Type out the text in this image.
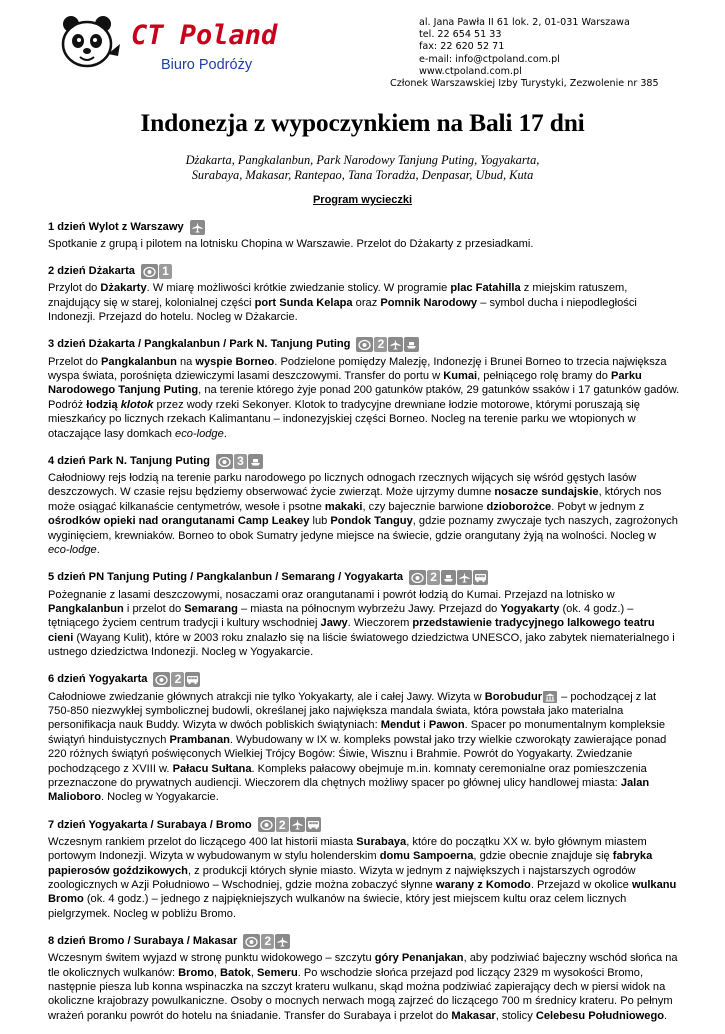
CT Poland
Biuro Podróży
al. Jana Pawła II 61 lok. 2, 01-031 Warszawa
tel. 22 654 51 33
fax: 22 620 52 71
e-mail: info@ctpoland.com.pl
www.ctpoland.com.pl
Członek Warszawskiej Izby Turystyki, Zezwolenie nr 385
Indonezja z wypoczynkiem na Bali 17 dni
Dżakarta, Pangkalanbun, Park Narodowy Tanjung Puting, Yogyakarta,
Surabaya, Makasar, Rantepao, Tana Toradża, Denpasar, Ubud, Kuta
Program wycieczki
1 dzień Wylot z Warszawy

Spotkanie z grupą i pilotem na lotnisku Chopina w Warszawie. Przelot do Dżakarty z przesiadkami.

2 dzień Dżakarta 1

Przylot do Dżakarty. W miarę możliwości krótkie zwiedzanie stolicy. W programie plac Fatahilla z miejskim ratuszem, znajdujący się w starej, kolonialnej części port Sunda Kelapa oraz Pomnik Narodowy – symbol ducha i niepodległości Indonezji. Przejazd do hotelu. Nocleg w Dżakarcie.

3 dzień Dżakarta / Pangkalanbun / Park N. Tanjung Puting 2

Przelot do Pangkalanbun na wyspie Borneo. Podzielone pomiędzy Malezję, Indonezję i Brunei Borneo to trzecia największa wyspa świata, porośnięta dziewiczymi lasami deszczowymi. Transfer do portu w Kumai, pełniącego rolę bramy do Parku Narodowego Tanjung Puting, na terenie którego żyje ponad 200 gatunków ptaków, 29 gatunków ssaków i 17 gatunków gadów. Podróż łodzią klotok przez wody rzeki Sekonyer. Klotok to tradycyjne drewniane łodzie motorowe, którymi poruszają się mieszkańcy po licznych rzekach Kalimantanu – indonezyjskiej części Borneo. Nocleg na terenie parku we wtopionych w otaczające lasy domkach eco-lodge.

4 dzień Park N. Tanjung Puting 3

Całodniowy rejs łodzią na terenie parku narodowego po licznych odnogach rzecznych wijących się wśród gęstych lasów deszczowych. W czasie rejsu będziemy obserwować życie zwierząt. Może ujrzymy dumne nosacze sundajskie, których nos może osiągać kilkanaście centymetrów, wesołe i psotne makaki, czy bajecznie barwione dzioborożce. Pobyt w jednym z ośrodków opieki nad orangutanami Camp Leakey lub Pondok Tanguy, gdzie poznamy zwyczaje tych naszych, zagrożonych wyginięciem, krewniaków. Borneo to obok Sumatry jedyne miejsce na świecie, gdzie orangutany żyją na wolności. Nocleg w eco-lodge.

5 dzień PN Tanjung Puting / Pangkalanbun / Semarang / Yogyakarta 2

Pożegnanie z lasami deszczowymi, nosaczami oraz orangutanami i powrót łodzią do Kumai. Przejazd na lotnisko w Pangkalanbun i przelot do Semarang – miasta na północnym wybrzeżu Jawy. Przejazd do Yogyakarty (ok. 4 godz.) – tętniącego życiem centrum tradycji i kultury wschodniej Jawy. Wieczorem przedstawienie tradycyjnego lalkowego teatru cieni (Wayang Kulit), które w 2003 roku znalazło się na liście światowego dziedzictwa UNESCO, jako zabytek niematerialnego i ustnego dziedzictwa Indonezji. Nocleg w Yogyakarcie.

6 dzień Yogyakarta 2

Całodniowe zwiedzanie głównych atrakcji nie tylko Yokyakarty, ale i całej Jawy. Wizyta w Borobudur
– pochodzącej z lat 750-850 niezwykłej symbolicznej budowli, określanej jako największa mandala świata, która powstała jako materialna personifikacja nauk Buddy. Wizyta w dwóch pobliskich świątyniach: Mendut i Pawon. Spacer po monumentalnym kompleksie świątyń hinduistycznych Prambanan. Wybudowany w IX w. kompleks powstał jako trzy wielkie czworokąty zawierające ponad 220 różnych świątyń poświęconych Wielkiej Trójcy Bogów: Śiwie, Wisznu i Brahmie. Powrót do Yogyakarty. Zwiedzanie pochodzącego z XVIII w. Pałacu Sułtana. Kompleks pałacowy obejmuje m.in. komnaty ceremonialne oraz pomieszczenia przeznaczone do prywatnych audiencji. Wieczorem dla chętnych możliwy spacer po głównej ulicy handlowej miasta: Jalan Malioboro. Nocleg w Yogyakarcie.

7 dzień Yogyakarta / Surabaya / Bromo 2

Wczesnym rankiem przelot do liczącego 400 lat historii miasta Surabaya, które do początku XX w. było głównym miastem portowym Indonezji. Wizyta w wybudowanym w stylu holenderskim domu Sampoerna, gdzie obecnie znajduje się fabryka papierosów goździkowych, z produkcji których słynie miasto. Wizyta w jednym z największych i najstarszych ogrodów zoologicznych w Azji Południowo – Wschodniej, gdzie można zobaczyć słynne warany z Komodo. Przejazd w okolice wulkanu Bromo (ok. 4 godz.) – jednego z najpiękniejszych wulkanów na świecie, który jest miejscem kultu oraz celem licznych pielgrzymek. Nocleg w pobliżu Bromo.

8 dzień Bromo / Surabaya / Makasar 2

Wczesnym świtem wyjazd w stronę punktu widokowego – szczytu góry Penanjakan, aby podziwiać bajeczny wschód słońca na tle okolicznych wulkanów: Bromo, Batok, Semeru. Po wschodzie słońca przejazd pod liczący 2329 m wysokości Bromo, następnie piesza lub konna wspinaczka na szczyt krateru wulkanu, skąd można podziwiać zapierający dech w piersi widok na okoliczne krajobrazy powulkaniczne. Osoby o mocnych nerwach mogą zajrzeć do liczącego 700 m średnicy krateru. Po pełnym wrażeń poranku powrót do hotelu na śniadanie. Transfer do Surabaya i przelot do Makasar, stolicy Celebesu Południowego.
